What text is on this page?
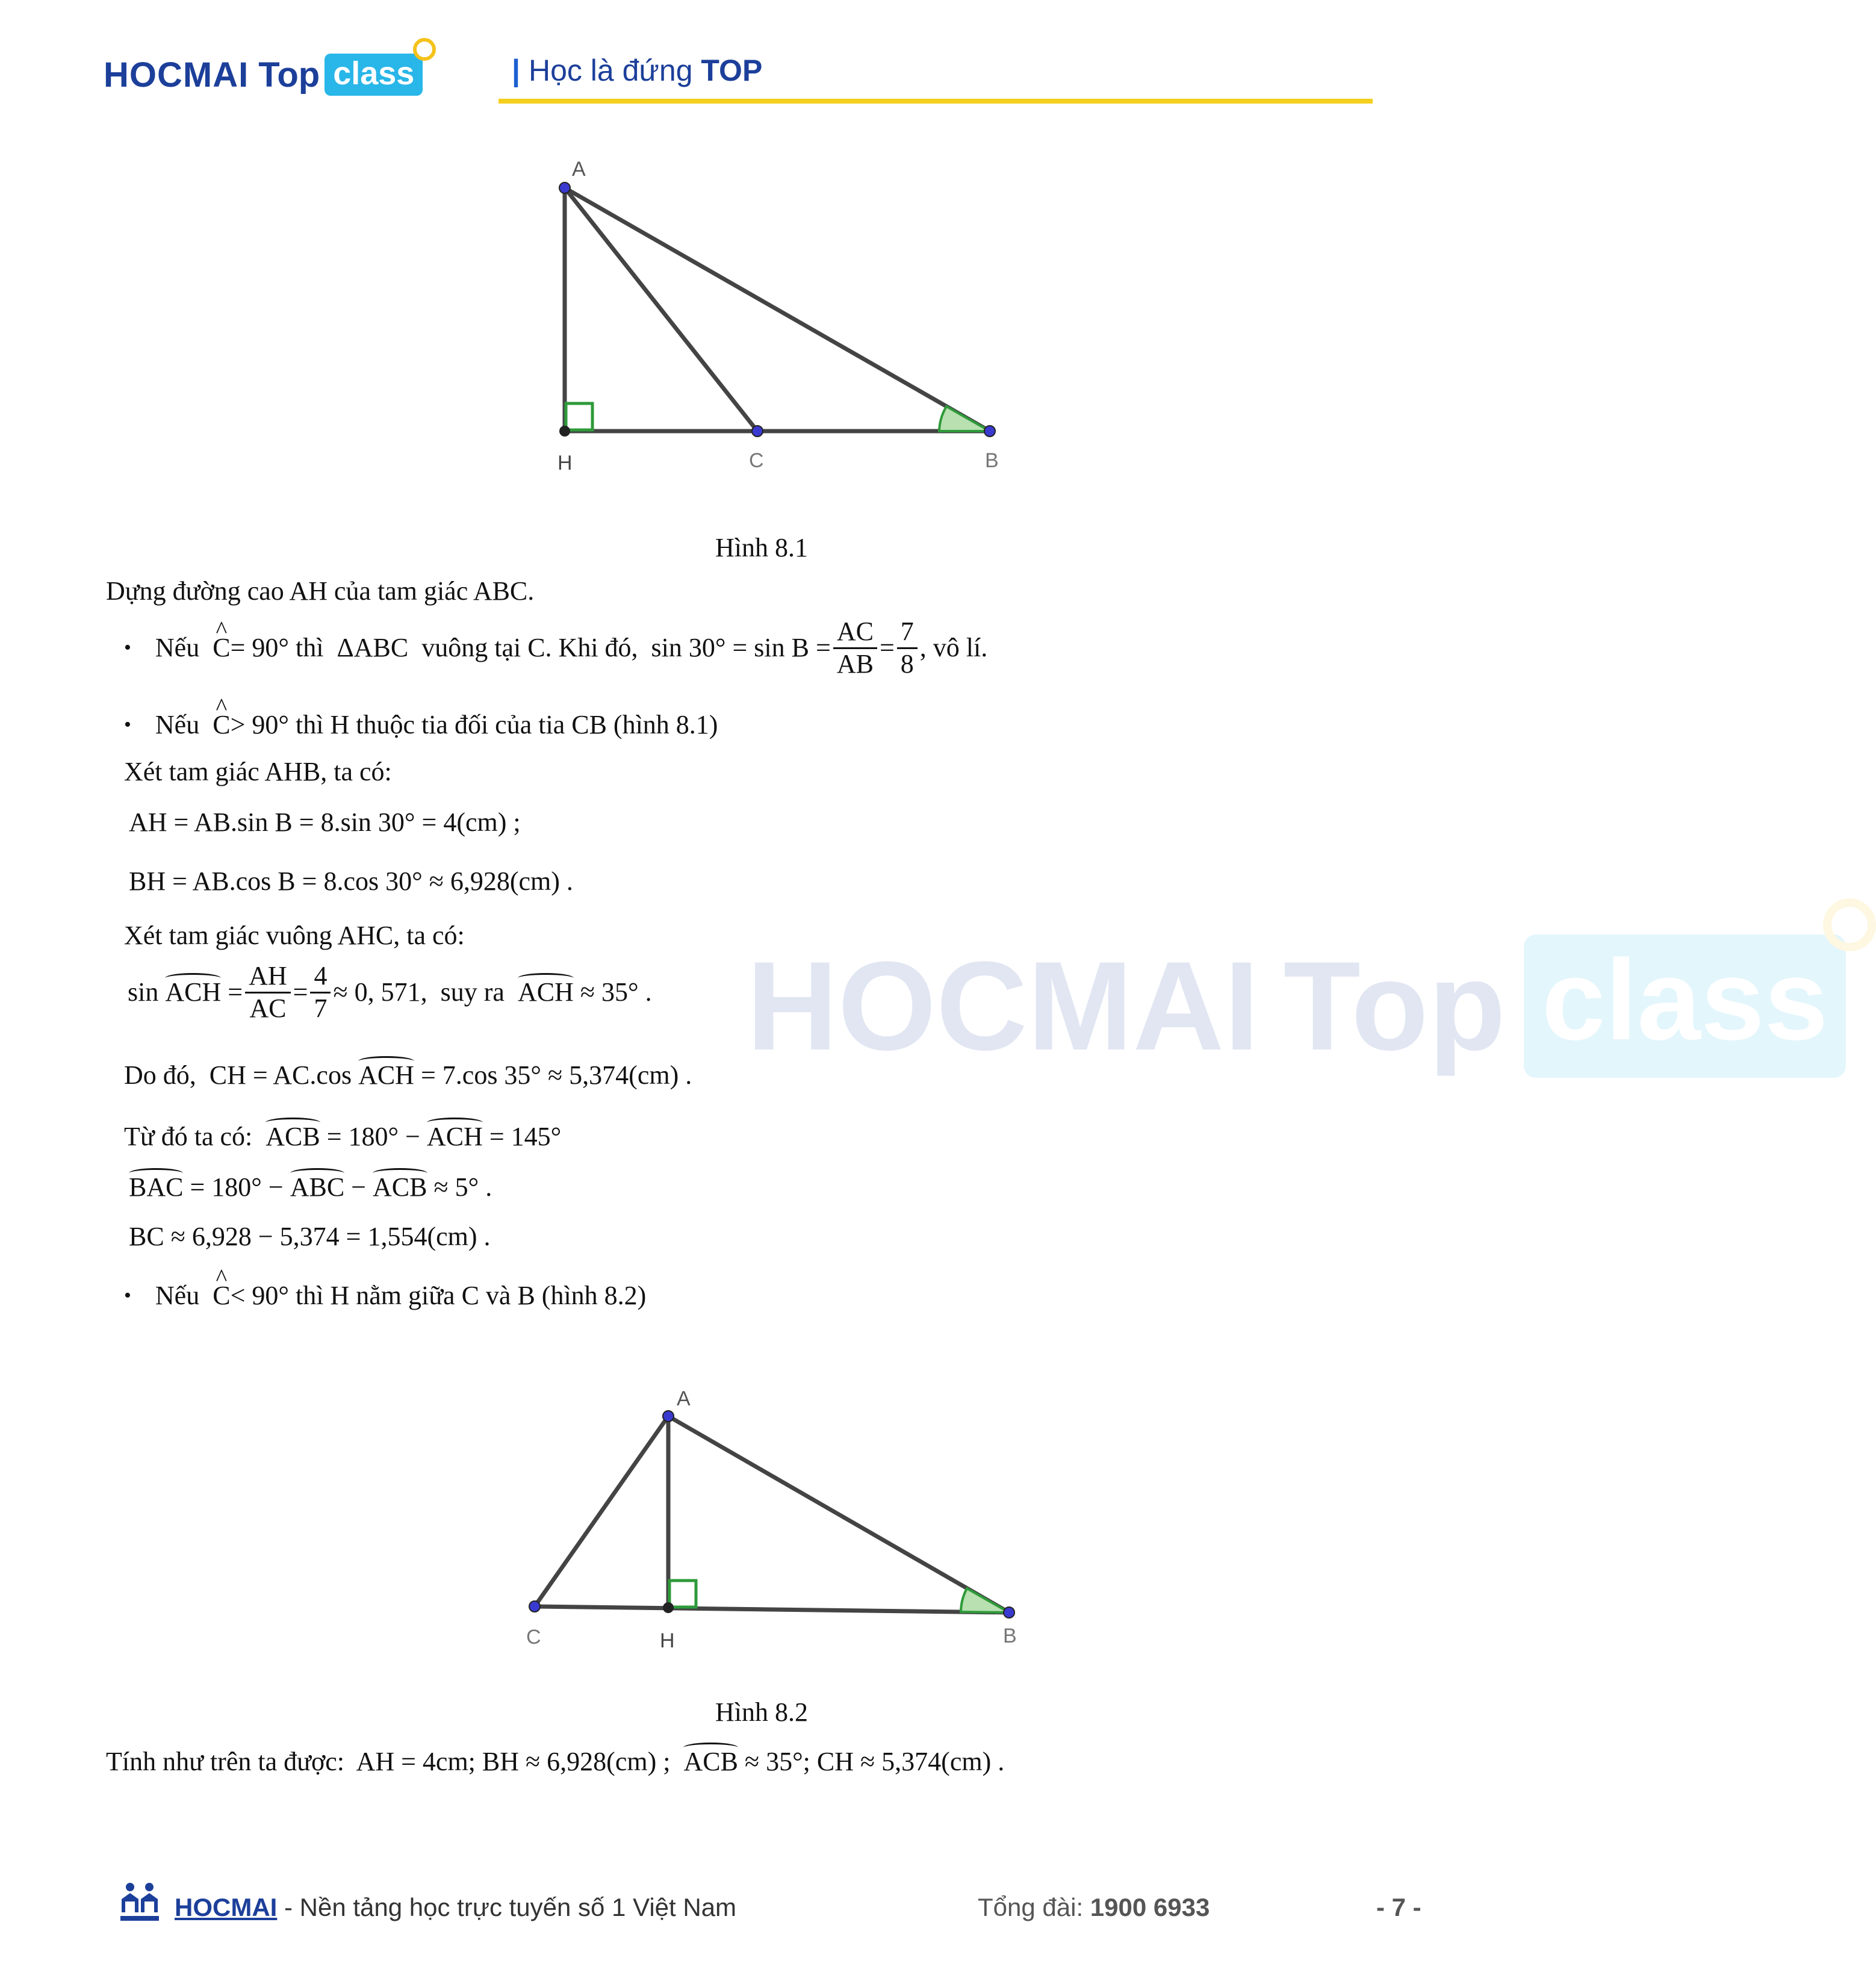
HOCMAI Top class
HOCMAI Top class	| Học là đứng TOP
A
H	C	B
Hình 8.1
Dựng đường cao AH của tam giác ABC.
• Nếu
^ C = 90° thì  ΔABC  vuông tại C. Khi đó,  $\sin 30^\circ = \sin B = \frac{AC}{AB} = \frac{7}{8}$ , vô lí.
• Nếu
^ C > 90° thì H thuộc tia đối của tia CB (hình 8.1)
Xét tam giác AHB, ta có:
AH = AB.sin B = 8.sin 30° = 4(cm) ;
BH = AB.cos B = 8.cos 30° ≈ 6,928(cm) .
Xét tam giác vuông AHC, ta có:
sin ACH = $\frac{AH}{AC} = \frac{4}{7} \approx 0$, 571,  suy ra ACH ≈ 35° .
Do đó,  CH = AC.cos ACH = 7.cos 35° ≈ 5,374(cm) .
Từ đó ta có:  ACB = 180° − ACH = 145°
BAC = 180° − ABC − ACB ≈ 5° .
BC ≈ 6,928 − 5,374 = 1,554(cm) .
• Nếu
^ C < 90° thì H nằm giữa C và B (hình 8.2)
A
C	H	B
Hình 8.2
Tính như trên ta được:  AH = 4cm; BH ≈ 6,928(cm) ;  ACB ≈ 35°; CH ≈ 5,374(cm) .
HOCMAI - Nền tảng học trực tuyến số 1 Việt Nam	Tổng đài: 1900 6933	- 7 -
